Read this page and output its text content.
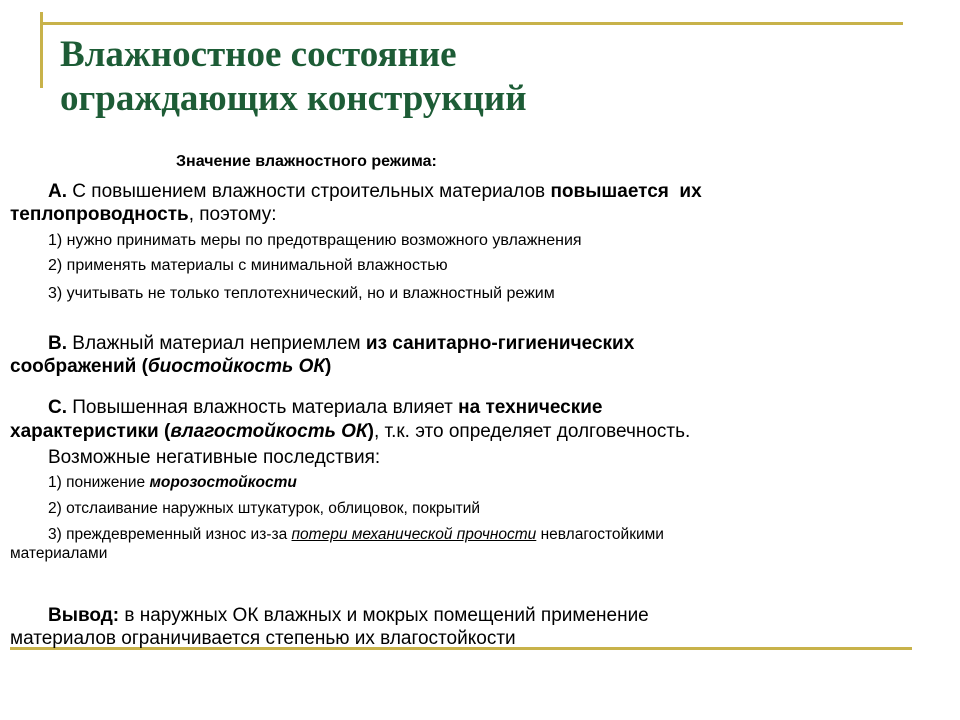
Влажностное состояние
ограждающих конструкций

Значение влажностного режима:

А. С повышением влажности строительных материалов повышается  их

теплопроводность, поэтому:

1) нужно принимать меры по предотвращению возможного увлажнения

2) применять материалы с минимальной влажностью

3) учитывать не только теплотехнический, но и влажностный режим

В. Влажный материал неприемлем из санитарно-гигиенических

соображений (биостойкость ОК)

С. Повышенная влажность материала влияет на технические

характеристики (влагостойкость ОК), т.к. это определяет долговечность.

Возможные негативные последствия:

1) понижение морозостойкости

2) отслаивание наружных штукатурок, облицовок, покрытий

3) преждевременный износ из-за потери механической прочности невлагостойкими

материалами

Вывод: в наружных ОК влажных и мокрых помещений применение

материалов ограничивается степенью их влагостойкости
